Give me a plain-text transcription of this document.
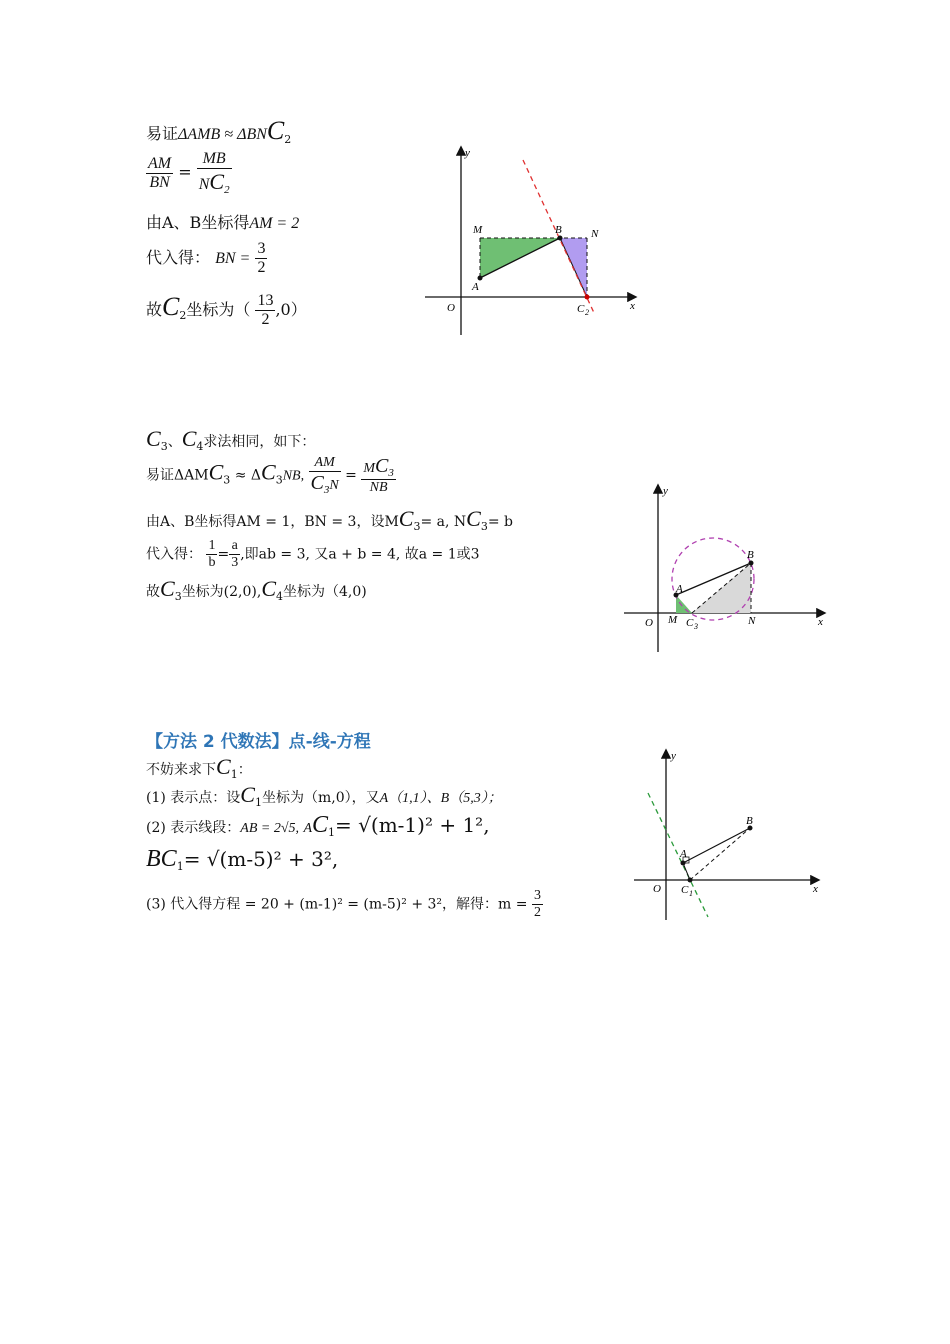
易证$\Delta AMB \approx \Delta BNC_2$
$\frac{AM}{BN} = \frac{MB}{NC_2}$
由A、B坐标得AM = 2
代入得： BN = $\frac{3}{2}$
故$C_2$坐标为（ $\frac{13}{2} ,0$）
y
x
O
M	B	N
A
C 2
$C_3$、$C_4$求法相同，如下：
易证$\Delta AMC_3 \approx \Delta C_3NB$, $\frac{AM}{C_3N} = \frac{MC_3}{NB}$
由A、B坐标得AM = 1，BN = 3，设$MC_3= a$, $NC_3= b$
代入得： $\frac{1}{b} = \frac{a}{3}$ ,即ab = 3, 又a + b = 4, 故a = 1或3
故$C_3$坐标为$(2,0),C_4$坐标为（4,0)
y
x
O M
A
B
N
C 3
【方法 2 代数法】点-线-方程
不妨来求下$C_1$：
(1) 表示点：设$C_1$坐标为（m,0），又A（1,1）、B（5,3）；
(2) 表示线段：AB = 2√5, $AC_1= √(m-1)^2 + 1^2$,
$BC_1= √(m-5)^2 + 3^2$,
(3) 代入得方程 = 20 + (m-1)² = (m-5)² + 3²，解得：$m = \frac{3}{2}$
y
x
O
A
B
C 1
